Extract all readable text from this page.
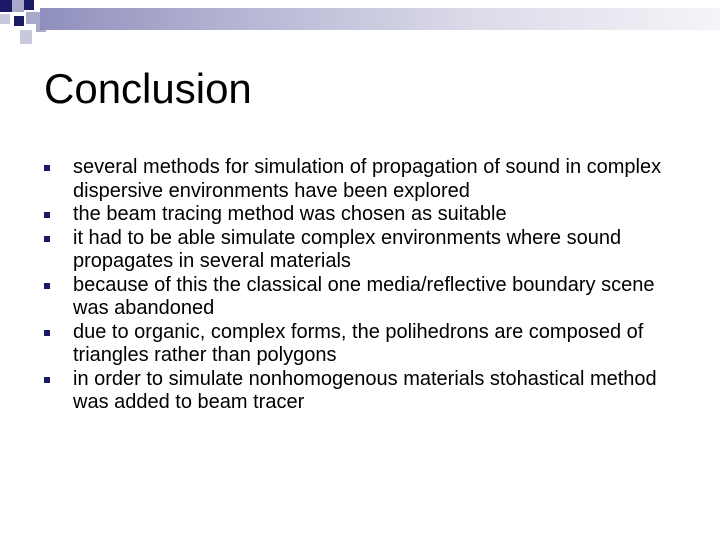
Conclusion
several methods for simulation of propagation of sound in complex dispersive environments have been explored
the beam tracing method was chosen as suitable
it had to be able simulate complex environments where sound propagates in several materials
because of this the classical one media/reflective boundary scene was abandoned
due to organic, complex forms, the polihedrons are composed of triangles rather than polygons
in order to simulate nonhomogenous materials stohastical method was added to beam tracer
